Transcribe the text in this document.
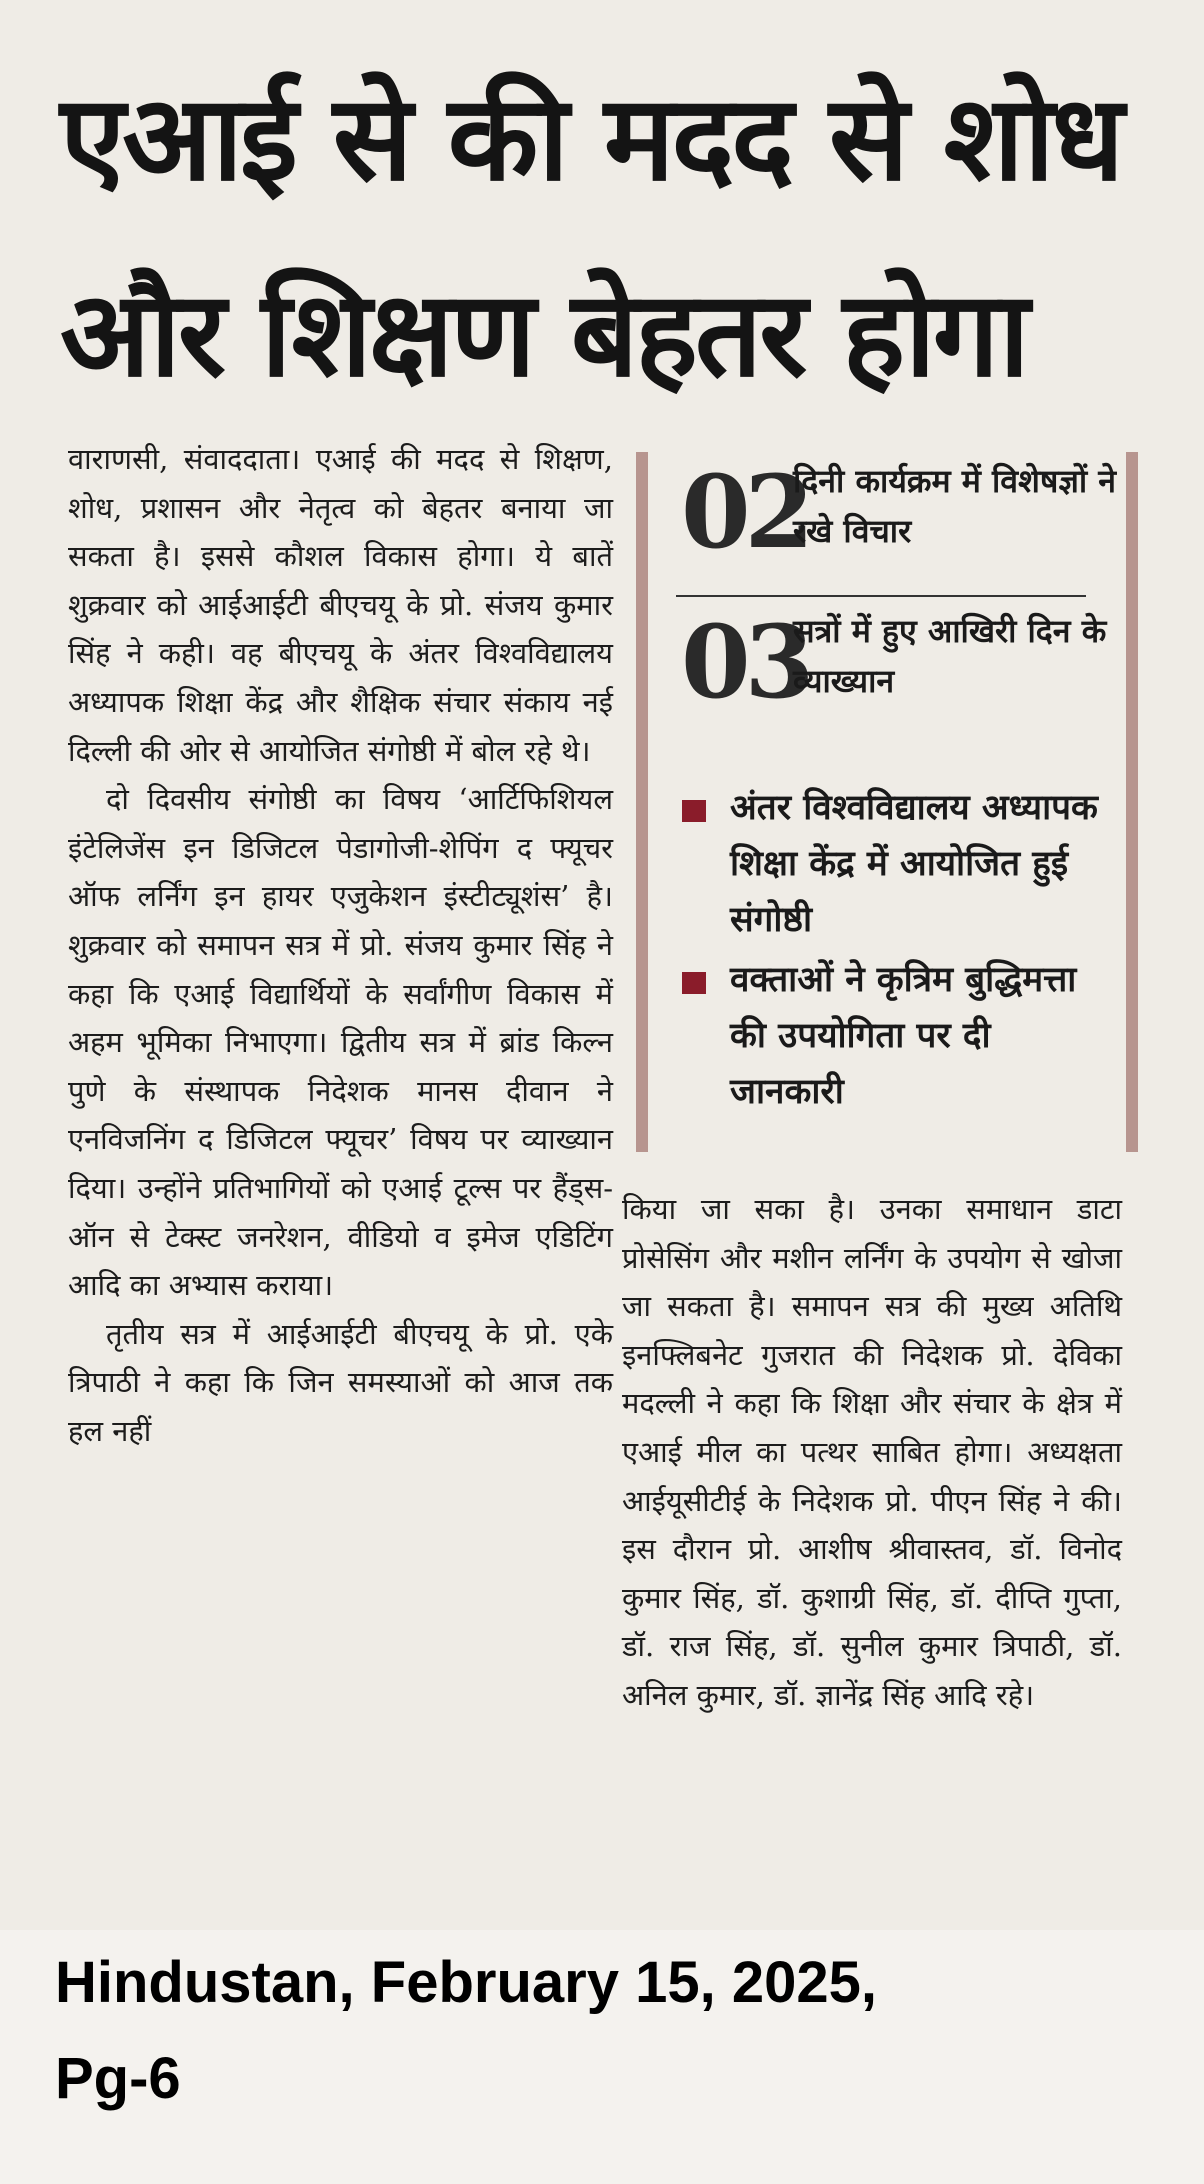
एआई से की मदद से शोध
और शिक्षण बेहतर होगा

वाराणसी, संवाददाता। एआई की मदद से शिक्षण, शोध, प्रशासन और नेतृत्व को बेहतर बनाया जा सकता है। इससे कौशल विकास होगा। ये बातें शुक्रवार को आईआईटी बीएचयू के प्रो. संजय कुमार सिंह ने कही। वह बीएचयू के अंतर विश्वविद्यालय अध्यापक शिक्षा केंद्र और शैक्षिक संचार संकाय नई दिल्ली की ओर से आयोजित संगोष्ठी में बोल रहे थे।

दो दिवसीय संगोष्ठी का विषय ‘आर्टिफिशियल इंटेलिजेंस इन डिजिटल पेडागोजी-शेपिंग द फ्यूचर ऑफ लर्निंग इन हायर एजुकेशन इंस्टीट्यूशंस’ है। शुक्रवार को समापन सत्र में प्रो. संजय कुमार सिंह ने कहा कि एआई विद्यार्थियों के सर्वांगीण विकास में अहम भूमिका निभाएगा। द्वितीय सत्र में ब्रांड किल्न पुणे के संस्थापक निदेशक मानस दीवान ने एनविजनिंग द डिजिटल फ्यूचर’ विषय पर व्याख्यान दिया। उन्होंने प्रतिभागियों को एआई टूल्स पर हैंड्स-ऑन से टेक्स्ट जनरेशन, वीडियो व इमेज एडिटिंग आदि का अभ्यास कराया।

तृतीय सत्र में आईआईटी बीएचयू के प्रो. एके त्रिपाठी ने कहा कि जिन समस्याओं को आज तक हल नहीं

02
दिनी कार्यक्रम में विशेषज्ञों ने रखे विचार
03
सत्रों में हुए आखिरी दिन के व्याख्यान
अंतर विश्वविद्यालय अध्यापक शिक्षा केंद्र में आयोजित हुई संगोष्ठी
वक्ताओं ने कृत्रिम बुद्धिमत्ता की उपयोगिता पर दी जानकारी

किया जा सका है। उनका समाधान डाटा प्रोसेसिंग और मशीन लर्निंग के उपयोग से खोजा जा सकता है। समापन सत्र की मुख्य अतिथि इनफ्लिबनेट गुजरात की निदेशक प्रो. देविका मदल्ली ने कहा कि शिक्षा और संचार के क्षेत्र में एआई मील का पत्थर साबित होगा। अध्यक्षता आईयूसीटीई के निदेशक प्रो. पीएन सिंह ने की। इस दौरान प्रो. आशीष श्रीवास्तव, डॉ. विनोद कुमार सिंह, डॉ. कुशाग्री सिंह, डॉ. दीप्ति गुप्ता, डॉ. राज सिंह, डॉ. सुनील कुमार त्रिपाठी, डॉ. अनिल कुमार, डॉ. ज्ञानेंद्र सिंह आदि रहे।

Hindustan, February 15, 2025,
Pg-6
